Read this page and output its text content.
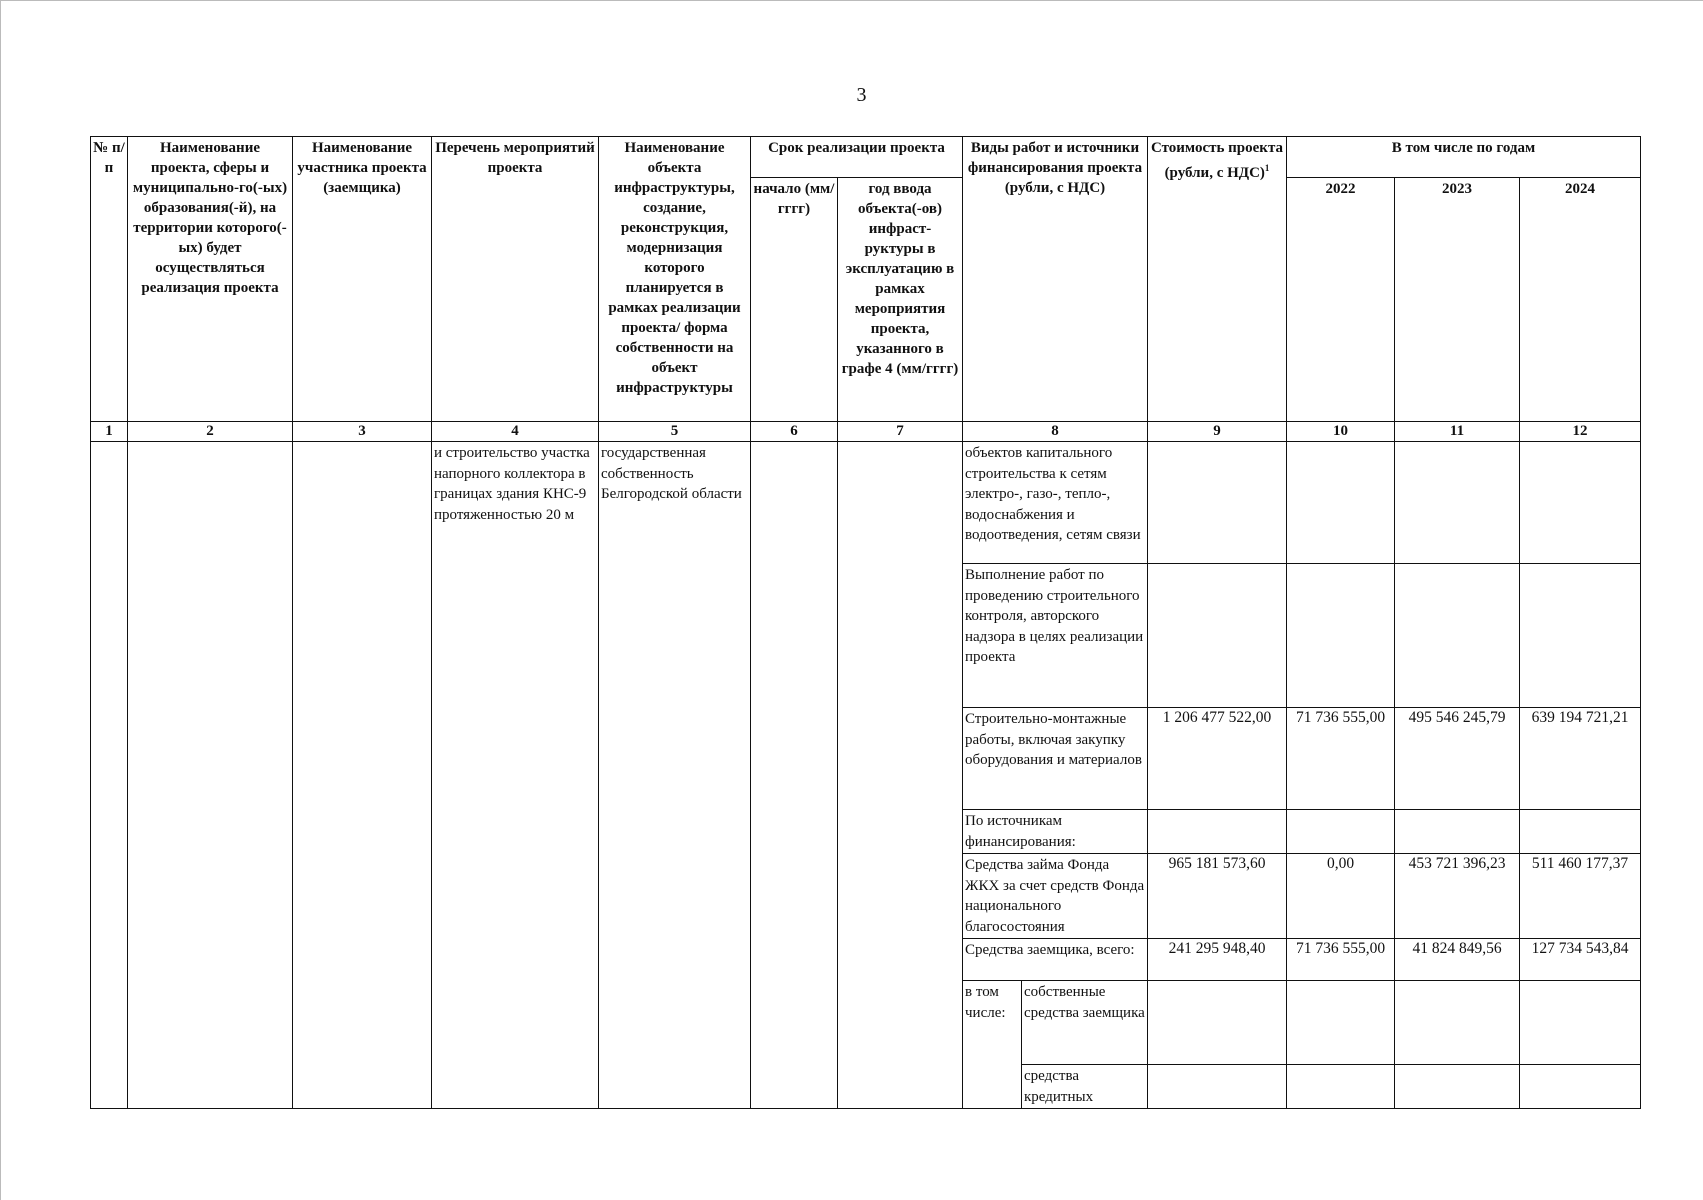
3
№ п/п	Наименование проекта, сферы и муниципально-го(-ых) образования(-й), на территории которого(-ых) будет осуществляться реализация проекта	Наименование участника проекта (заемщика)	Перечень мероприятий проекта	Наименование объекта инфраструктуры, создание, реконструкция, модернизация которого планируется в рамках реализации проекта/ форма собственности на объект инфраструктуры	Срок реализации проекта		Виды работ и источники финансирования проекта (рубли, с НДС)		Стоимость проекта (рубли, с НДС)$^1$	В том числе по годам		
					начало (мм/ гггг)	год ввода объекта(-ов) инфраст-руктуры в эксплуатацию в рамках мероприятия проекта, указанного в графе 4 (мм/гггг)				2022	2023	2024
1	2	3	4	5	6	7	8		9	10	11	12
			и строительство участка напорного коллектора в границах здания КНС-9 протяженностью 20 м	государственная собственность Белгородской области			объектов капитального строительства к сетям электро-, газо-, тепло-, водоснабжения и водоотведения, сетям связи					
							Выполнение работ по проведению строительного контроля, авторского надзора в целях реализации проекта					
							Строительно-монтажные работы, включая закупку оборудования и материалов		1 206 477 522,00	71 736 555,00	495 546 245,79	639 194 721,21
							По источникам финансирования:					
							Средства займа Фонда ЖКХ за счет средств Фонда национального благосостояния		965 181 573,60	0,00	453 721 396,23	511 460 177,37
							Средства заемщика, всего:		241 295 948,40	71 736 555,00	41 824 849,56	127 734 543,84
							в том числе:	собственные средства заемщика				
								средства кредитных				
